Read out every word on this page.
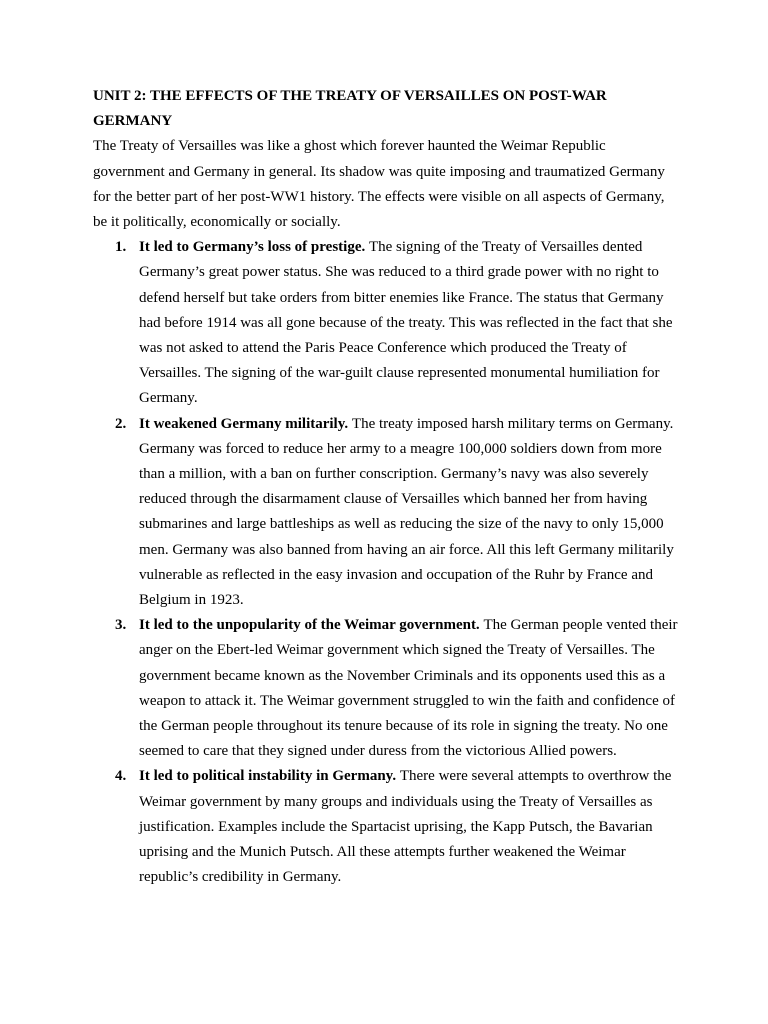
UNIT 2: THE EFFECTS OF THE TREATY OF VERSAILLES ON POST-WAR GERMANY

The Treaty of Versailles was like a ghost which forever haunted the Weimar Republic government and Germany in general. Its shadow was quite imposing and traumatized Germany for the better part of her post-WW1 history. The effects were visible on all aspects of Germany, be it politically, economically or socially.

1. It led to Germany’s loss of prestige. The signing of the Treaty of Versailles dented Germany’s great power status. She was reduced to a third grade power with no right to defend herself but take orders from bitter enemies like France. The status that Germany had before 1914 was all gone because of the treaty. This was reflected in the fact that she was not asked to attend the Paris Peace Conference which produced the Treaty of Versailles. The signing of the war-guilt clause represented monumental humiliation for Germany.
2. It weakened Germany militarily. The treaty imposed harsh military terms on Germany. Germany was forced to reduce her army to a meagre 100,000 soldiers down from more than a million, with a ban on further conscription. Germany’s navy was also severely reduced through the disarmament clause of Versailles which banned her from having submarines and large battleships as well as reducing the size of the navy to only 15,000 men. Germany was also banned from having an air force. All this left Germany militarily vulnerable as reflected in the easy invasion and occupation of the Ruhr by France and Belgium in 1923.
3. It led to the unpopularity of the Weimar government. The German people vented their anger on the Ebert-led Weimar government which signed the Treaty of Versailles. The government became known as the November Criminals and its opponents used this as a weapon to attack it. The Weimar government struggled to win the faith and confidence of the German people throughout its tenure because of its role in signing the treaty. No one seemed to care that they signed under duress from the victorious Allied powers.
4. It led to political instability in Germany. There were several attempts to overthrow the Weimar government by many groups and individuals using the Treaty of Versailles as justification. Examples include the Spartacist uprising, the Kapp Putsch, the Bavarian uprising and the Munich Putsch. All these attempts further weakened the Weimar republic’s credibility in Germany.
